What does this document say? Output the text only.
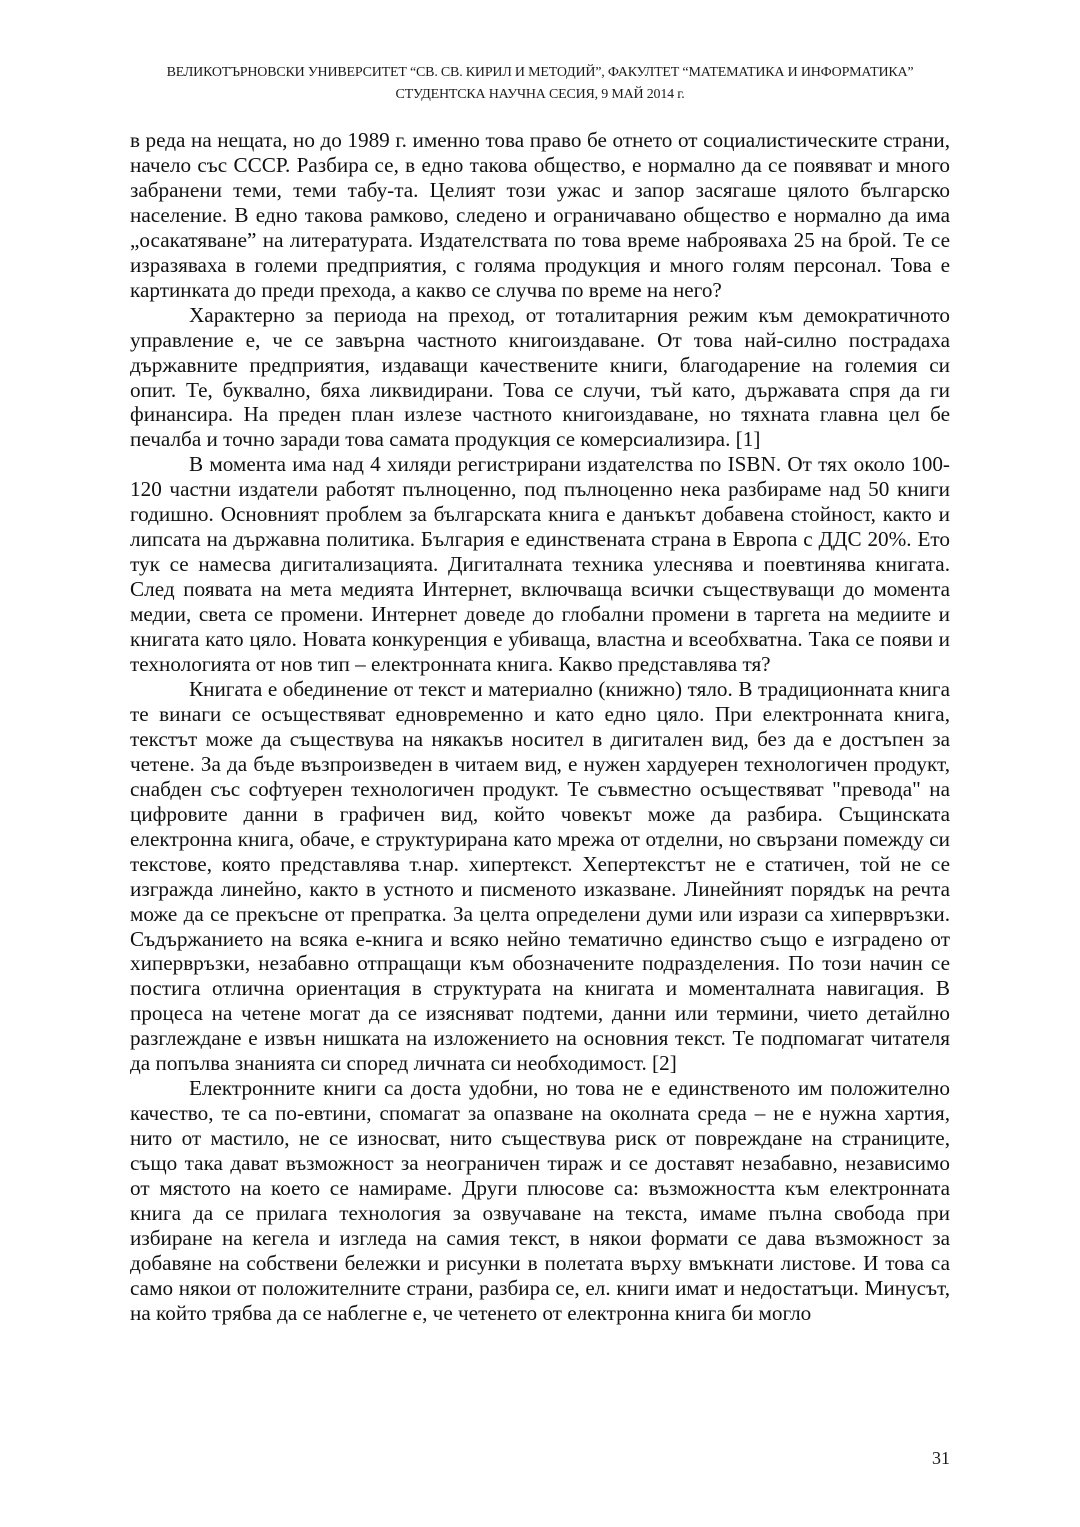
ВЕЛИКОТЪРНОВСКИ УНИВЕРСИТЕТ “СВ. СВ. КИРИЛ И МЕТОДИЙ”, ФАКУЛТЕТ “МАТЕМАТИКА И ИНФОРМАТИКА”
СТУДЕНТСКА НАУЧНА СЕСИЯ, 9 МАЙ 2014 г.

в реда на нещата, но до 1989 г. именно това право бе отнето от социалистическите страни, начело със СССР. Разбира се, в едно такова общество, е нормално да се появяват и много забранени теми, теми табу-та. Целият този ужас и запор засягаше цялото българско население. В едно такова рамково, следено и ограничавано общество е нормално да има „осакатяване” на литературата. Издателствата по това време наброяваха 25 на брой. Те се изразяваха в големи предприятия, с голяма продукция и много голям персонал. Това е картинката до преди прехода, а какво се случва по време на него?

Характерно за периода на преход, от тоталитарния режим към демократичното управление е, че се завърна частното книгоиздаване. От това най-силно пострадаха държавните предприятия, издаващи качествените книги, благодарение на големия си опит. Те, буквално, бяха ликвидирани. Това се случи, тъй като, държавата спря да ги финансира. На преден план излезе частното книгоиздаване, но тяхната главна цел бе печалба и точно заради това самата продукция се комерсиализира. [1]

В момента има над 4 хиляди регистрирани издателства по ISBN. От тях около 100-120 частни издатели работят пълноценно, под пълноценно нека разбираме над 50 книги годишно. Основният проблем за българската книга е данъкът добавена стойност, както и липсата на държавна политика. България е единствената страна в Европа с ДДС 20%. Ето тук се намесва дигитализацията. Дигиталната техника улеснява и поевтинява книгата. След появата на мета медията Интернет, включваща всички съществуващи до момента медии, света се промени. Интернет доведе до глобални промени в таргета на медиите и книгата като цяло. Новата конкуренция е убиваща, властна и всеобхватна. Така се появи и технологията от нов тип – електронната книга. Какво представлява тя?

Книгата е обединение от текст и материално (книжно) тяло. В традиционната книга те винаги се осъществяват едновременно и като едно цяло. При електронната книга, текстът може да съществува на някакъв носител в дигитален вид, без да е достъпен за четене. За да бъде възпроизведен в читаем вид, е нужен хардуерен технологичен продукт, снабден със софтуерен технологичен продукт. Те съвместно осъществяват "превода" на цифровите данни в графичен вид, който човекът може да разбира. Същинската електронна книга, обаче, е структурирана като мрежа от отделни, но свързани помежду си текстове, която представлява т.нар. хипертекст. Хепертекстът не е статичен, той не се изгражда линейно, както в устното и писменото изказване. Линейният порядък на речта може да се прекъсне от препратка. За целта определени думи или изрази са хипервръзки. Съдържанието на всяка е-книга и всяко нейно тематично единство също е изградено от хипервръзки, незабавно отпращащи към обозначените подразделения. По този начин се постига отлична ориентация в структурата на книгата и моменталната навигация. В процеса на четене могат да се изясняват подтеми, данни или термини, чието детайлно разглеждане е извън нишката на изложението на основния текст. Те подпомагат читателя да попълва знанията си според личната си необходимост. [2]

Електронните книги са доста удобни, но това не е единственото им положително качество, те са по-евтини, спомагат за опазване на околната среда – не е нужна хартия, нито от мастило, не се износват, нито съществува риск от повреждане на страниците, също така дават възможност за неограничен тираж и се доставят незабавно, независимо от мястото на което се намираме. Други плюсове са: възможността към електронната книга да се прилага технология за озвучаване на текста, имаме пълна свобода при избиране на кегела и изгледа на самия текст, в някои формати се дава възможност за добавяне на собствени бележки и рисунки в полетата върху вмъкнати листове. И това са само някои от положителните страни, разбира се, ел. книги имат и недостатъци. Минусът, на който трябва да се наблегне е, че четенето от електронна книга би могло

31
